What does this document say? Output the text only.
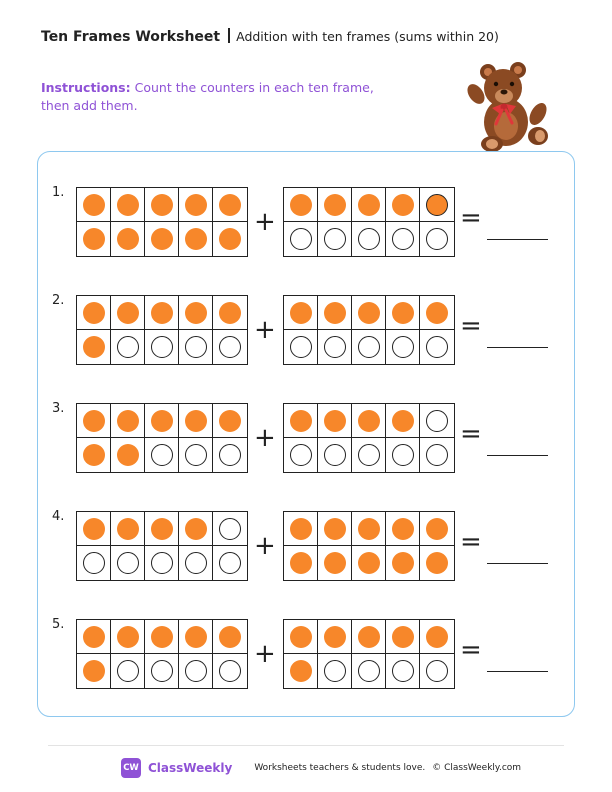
Ten Frames Worksheet Addition with ten frames (sums within 20)
Instructions: Count the counters in each ten frame, then add them.
1.
+	=
2.
+	=
3.
+	=
4.
+	=
5.
+	=
CW ClassWeekly Worksheets teachers & students love. © ClassWeekly.com
